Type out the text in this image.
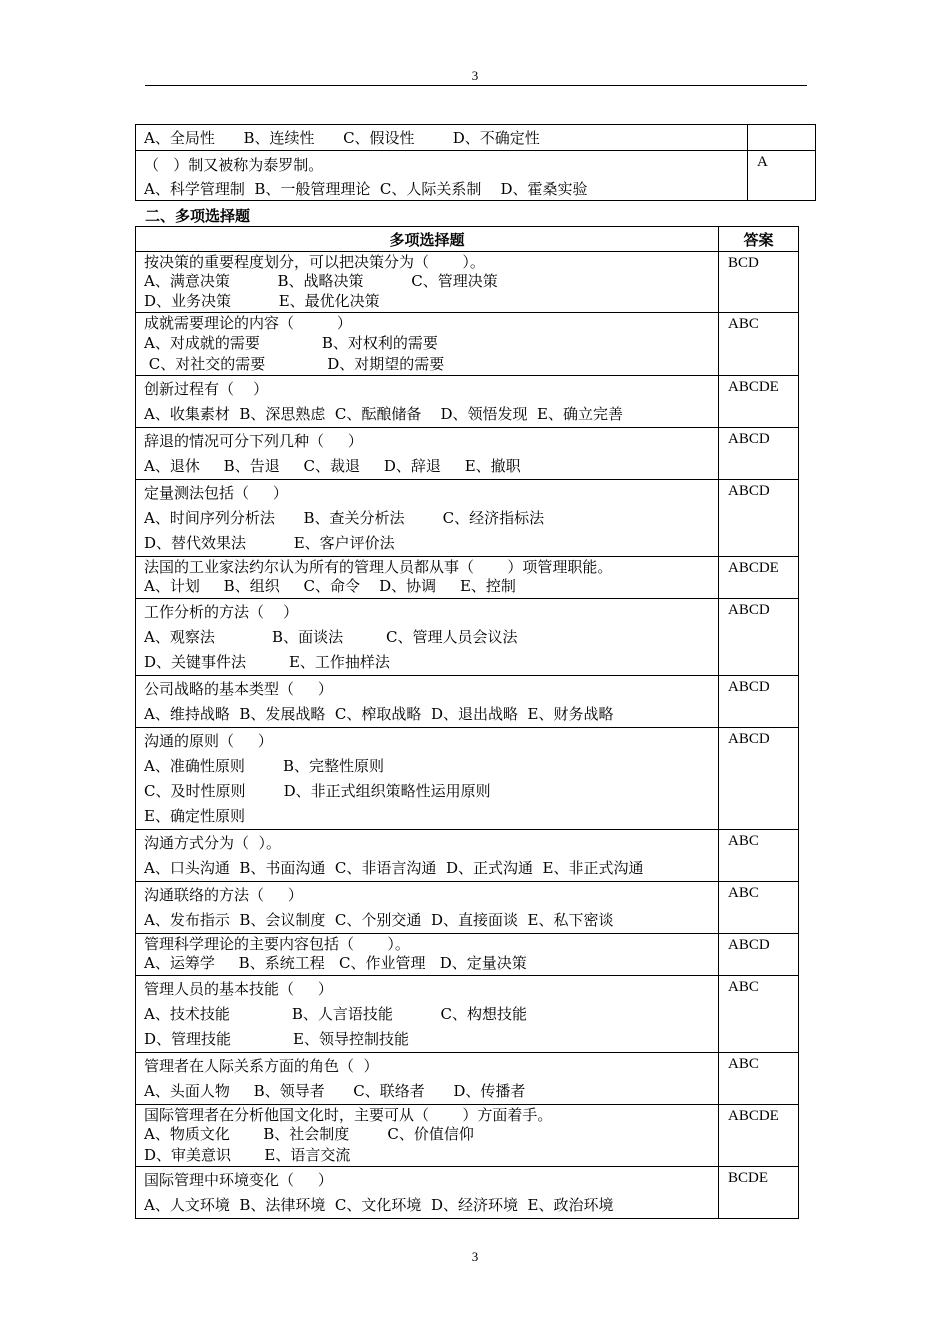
3
A、全局性      B、连续性      C、假设性        D、不确定性	

（   ）制又被称为泰罗制。
A、科学管理制  B、一般管理理论  C、人际关系制    D、霍桑实验	A
二、多项选择题
多项选择题	答案

按决策的重要程度划分，可以把决策分为（       ）。
A、满意决策          B、战略决策          C、管理决策
D、业务决策          E、最优化决策	BCD

成就需要理论的内容（         ）
A、对成就的需要             B、对权利的需要
C、对社交的需要             D、对期望的需要	ABC

创新过程有（    ）
A、收集素材  B、深思熟虑  C、酝酿储备    D、领悟发现  E、确立完善	ABCDE

辞退的情况可分下列几种（     ）
A、退休     B、告退     C、裁退     D、辞退     E、撤职	ABCD

定量测法包括（     ）
A、时间序列分析法      B、查关分析法        C、经济指标法
D、替代效果法          E、客户评价法	ABCD

法国的工业家法约尔认为所有的管理人员都从事（       ）项管理职能。
A、计划     B、组织     C、命令    D、协调     E、控制	ABCDE

工作分析的方法（    ）
A、观察法            B、面谈法         C、管理人员会议法
D、关键事件法         E、工作抽样法	ABCD

公司战略的基本类型（     ）
A、维持战略  B、发展战略  C、榨取战略  D、退出战略  E、财务战略	ABCD

沟通的原则（     ）
A、准确性原则        B、完整性原则
C、及时性原则        D、非正式组织策略性运用原则
E、确定性原则	ABCD

沟通方式分为（  ）。
A、口头沟通  B、书面沟通  C、非语言沟通  D、正式沟通  E、非正式沟通	ABC

沟通联络的方法（     ）
A、发布指示  B、会议制度  C、个别交通  D、直接面谈  E、私下密谈	ABC

管理科学理论的主要内容包括（       ）。
A、运筹学     B、系统工程   C、作业管理   D、定量决策	ABCD

管理人员的基本技能（     ）
A、技术技能             B、人言语技能          C、构想技能
D、管理技能             E、领导控制技能	ABC

管理者在人际关系方面的角色（  ）
A、头面人物     B、领导者      C、联络者      D、传播者	ABC

国际管理者在分析他国文化时，主要可从（       ）方面着手。
A、物质文化       B、社会制度        C、价值信仰
D、审美意识       E、语言交流	ABCDE

国际管理中环境变化（     ）
A、人文环境  B、法律环境  C、文化环境  D、经济环境  E、政治环境	BCDE
3
